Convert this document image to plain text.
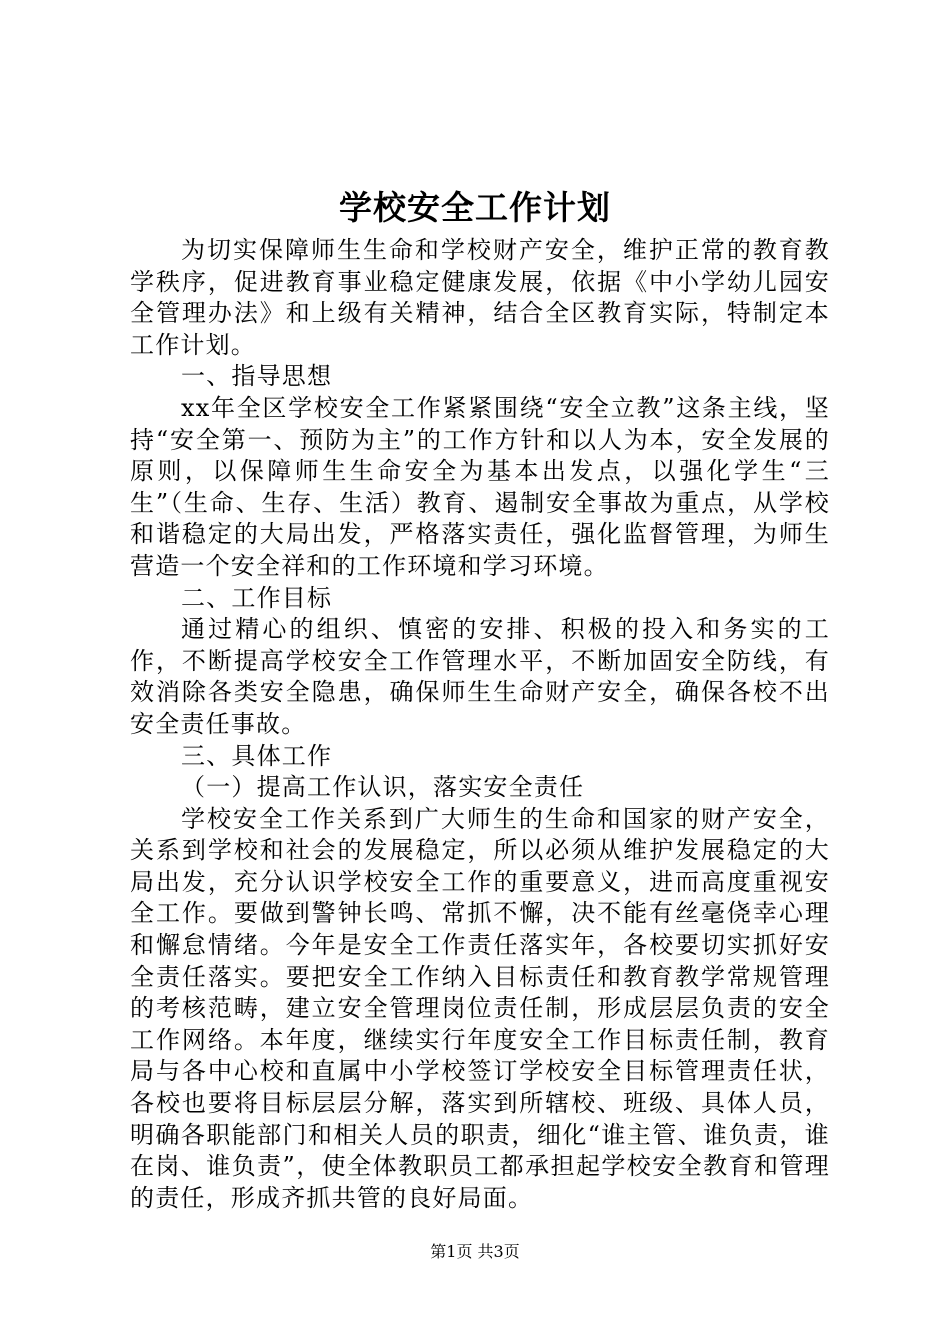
学校安全工作计划

为切实保障师生生命和学校财产安全，维护正常的教育教学秩序，促进教育事业稳定健康发展，依据《中小学幼儿园安全管理办法》和上级有关精神，结合全区教育实际，特制定本工作计划。

一、指导思想

xx年全区学校安全工作紧紧围绕“安全立教”这条主线，坚持“安全第一、预防为主”的工作方针和以人为本，安全发展的原则，以保障师生生命安全为基本出发点，以强化学生“三生”（生命、生存、生活）教育、遏制安全事故为重点，从学校和谐稳定的大局出发，严格落实责任，强化监督管理，为师生营造一个安全祥和的工作环境和学习环境。

二、工作目标

通过精心的组织、慎密的安排、积极的投入和务实的工作，不断提高学校安全工作管理水平，不断加固安全防线，有效消除各类安全隐患，确保师生生命财产安全，确保各校不出安全责任事故。

三、具体工作

（一）提高工作认识，落实安全责任

学校安全工作关系到广大师生的生命和国家的财产安全，关系到学校和社会的发展稳定，所以必须从维护发展稳定的大局出发，充分认识学校安全工作的重要意义，进而高度重视安全工作。要做到警钟长鸣、常抓不懈，决不能有丝毫侥幸心理和懈怠情绪。今年是安全工作责任落实年，各校要切实抓好安全责任落实。要把安全工作纳入目标责任和教育教学常规管理的考核范畴，建立安全管理岗位责任制，形成层层负责的安全工作网络。本年度，继续实行年度安全工作目标责任制，教育局与各中心校和直属中小学校签订学校安全目标管理责任状，各校也要将目标层层分解，落实到所辖校、班级、具体人员，明确各职能部门和相关人员的职责，细化“谁主管、谁负责，谁在岗、谁负责”，使全体教职员工都承担起学校安全教育和管理的责任，形成齐抓共管的良好局面。

第1页 共3页
